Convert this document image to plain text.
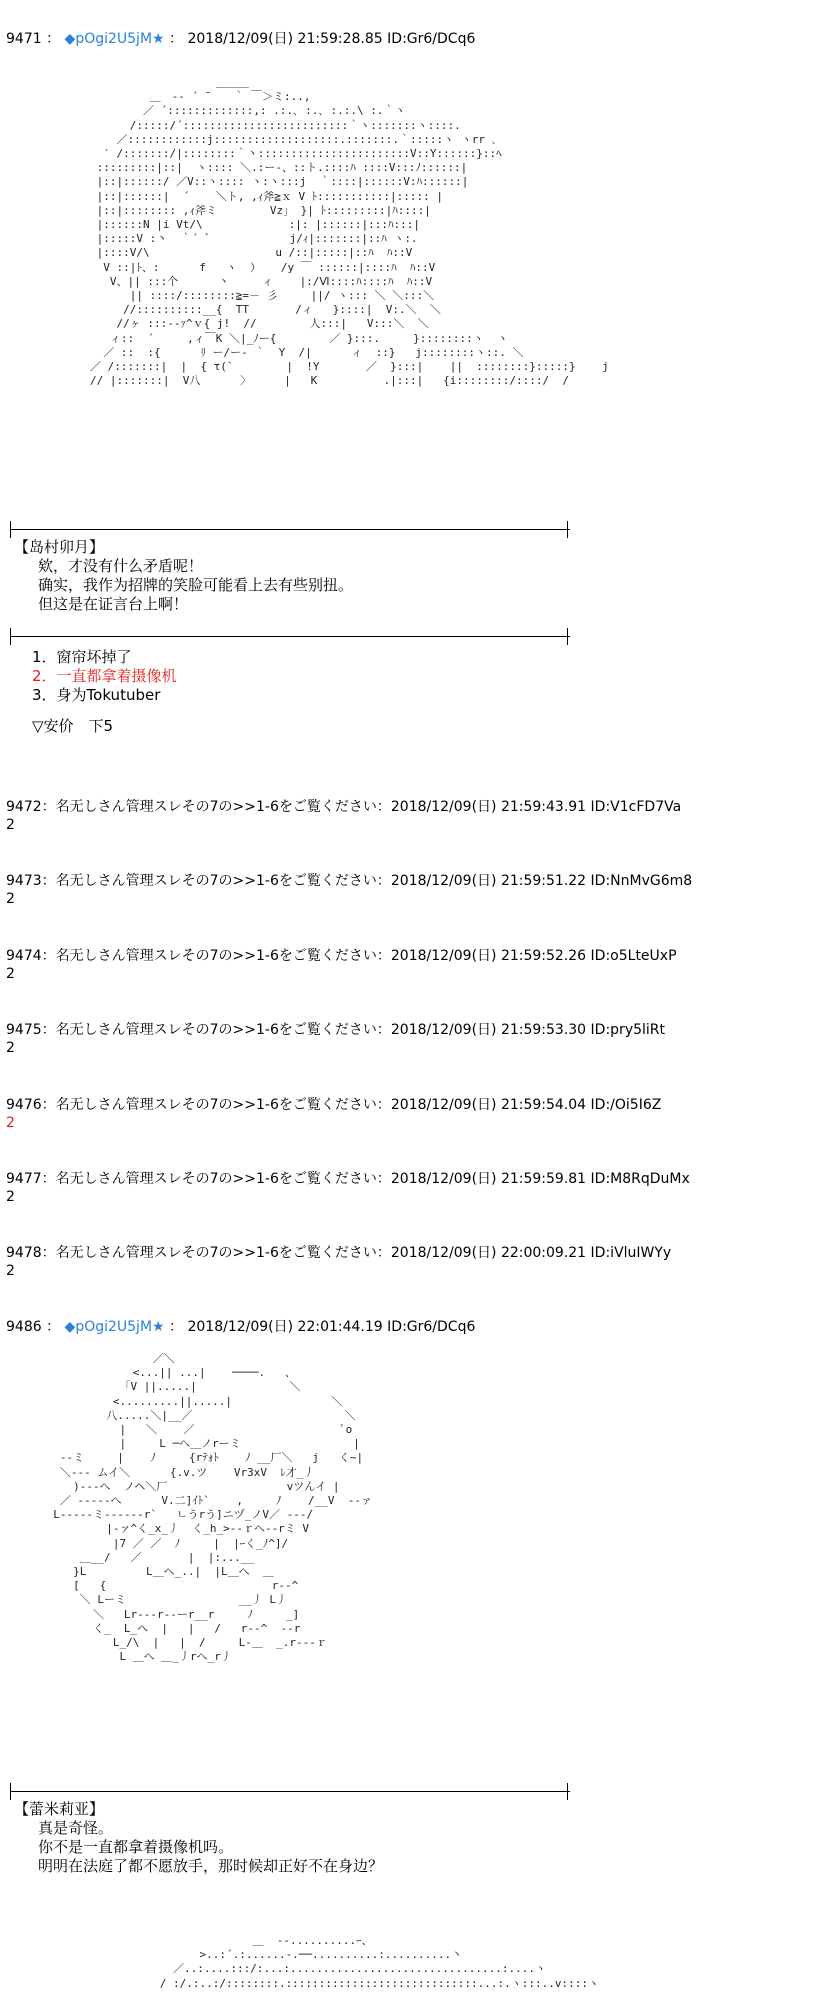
9471 ： ◆pOgi2U5jM★ ： 2018/12/09(日) 21:59:28.85 ID:Gr6/DCq6
＿＿＿
＿　-‐ ´ ̄　　 ｀ ￣＞ミ:..,
／ ´:::::::::::::,: .:.､ :.､ :.:.\ :.｀ヽ
/:::::/´:::::::::::::::::::::::::｀ヽ:::::::ヽ::::.
／::::::::::::j:::::::::::::::::::.:::::::.｀:::::ヽ ヽrr ､
′ /:::::::/|::::::::｀丶:::::::::::::::::::::::V::Y::::::}::ﾍ
:::::::::|::|  ヽ:::: ＼.:ー-、::ト.::::ﾊ ::::V:::ﾉ::::::|
|::|::::::/ ／V::ヽ:::: ヽ:ヽ:::j  ｀::::|::::::V:ﾊ::::::|
|::|::::::|  ´    ＼ト, ,ｨ斧≧ｘ V ﾄ:::::::::::|::::: |
|::|:::::::: ,ｨ斧ミ        Vz」 }| ﾄ:::::::::|ﾊ::::|
|::::::N |i Vt/\             :|: |::::::|:::ﾊ:::|
|:::::V :丶  ｀´ ﾞ            j/ｨ|:::::::|::ﾊ ヽ:.
|::::V/\                   u /::|:::::|::ﾊ  ﾊ::V
V ::|ﾄ、:      f   ヽ  ）   /y ￣ ::::::|::::ﾊ  ﾊ::V
V、|| :::个      丶     ィ    |:/Ⅵ::::ﾊ::::ﾊ  ﾊ::V
|| ::::/::::::::≧=－ 彡     ||/ ヽ::: ＼ ＼:::＼
//::::::::::__{  ΤΤ       /ィ   }::::|  V:.＼  ＼
//ヶ :::--ｧ^ｖ{ j!  //        人:::|   V:::＼  ＼
ィ::  ´     ,ィ￣K ＼|_ﾉー{        ／ }:::.     }::::::::ヽ  ヽ
／ ::  :{      ﾘ ー/ー- ｀  Y  /|      ィ  ::}   j::::::::ヽ::. ＼
／ /:::::::|  |  { τ(`        |  !Y       ／  }:::|    ||  ::::::::}:::::}    j
// |:::::::|  V八      〉     |   K          .|:::|   {i::::::::/::::/  /
【岛村卯月】
欸，才没有什么矛盾呢！
确实，我作为招牌的笑脸可能看上去有些别扭。
但这是在证言台上啊！
1．窗帘坏掉了
2．一直都拿着摄像机
3．身为Tokutuber
▽安价　下5
9472：名无しさん管理スレその7の>>1-6をご覧ください：2018/12/09(日) 21:59:43.91 ID:V1cFD7Va
2
9473：名无しさん管理スレその7の>>1-6をご覧ください：2018/12/09(日) 21:59:51.22 ID:NnMvG6m8
2
9474：名无しさん管理スレその7の>>1-6をご覧ください：2018/12/09(日) 21:59:52.26 ID:o5LteUxP
2
9475：名无しさん管理スレその7の>>1-6をご覧ください：2018/12/09(日) 21:59:53.30 ID:pry5liRt
2
9476：名无しさん管理スレその7の>>1-6をご覧ください：2018/12/09(日) 21:59:54.04 ID:/Oi5I6Z
2
9477：名无しさん管理スレその7の>>1-6をご覧ください：2018/12/09(日) 21:59:59.81 ID:M8RqDuMx
2
9478：名无しさん管理スレその7の>>1-6をご覧ください：2018/12/09(日) 22:00:09.21 ID:iVluIWYy
2
9486 ： ◆pOgi2U5jM★ ： 2018/12/09(日) 22:01:44.19 ID:Gr6/DCq6
／＼
<...|| ...|    ────.   、
「V ||.....|              ＼
<.........||.....|               ＼
八.....＼|__／                       ＼
|   ＼    ／                      ﾟo
|     L ─へ＿ノrーミ                 |
--ミ     |    ﾉ     {rﾃｫﾄ    ﾉ __厂＼   j   く~|
＼--- ムイ＼      {.v.ツ    Vr3xV  ﾚ才_丿
)---へ  ノヘ＼厂                  vツんイ |
／ -----へ      V.二]ｲﾄ`    ,     ﾉ    /__V  --ァ
L-----ミ------r`   ㄴうrう]ニヅ_ノV／ ---/
|-ァ^く_x_丿  く_h_>--ｒへ--rミ V
|7 ／ ／  ﾉ     |  |ｰく_ﾉ^]/
＿__/   ／       |  |:...__
}L         L＿へ_..|  |L＿へ  ＿
[   {                         r--^
＼ Lーミ                 __丿 L丿
＼   Lr---r--ーr__r     ﾉ     _]
く_  L_ヘ  |   |   /   r--^  --r
L_/\  |   |  /     L-＿  _.r---ｒ
L ＿へ ＿_丿rへ_r丿
【蕾米莉亚】
真是奇怪。
你不是一直都拿着摄像机吗。
明明在法庭了都不愿放手，那时候却正好不在身边？
＿  --..........ｰ、
>..:´.:......-.──..........:..........丶
／..:....:::/:...:................................:....ヽ
/ :/.:..:/::::::::.:::::::::::::::::::::::::::::...:.ヽ:::..v::::ヽ
